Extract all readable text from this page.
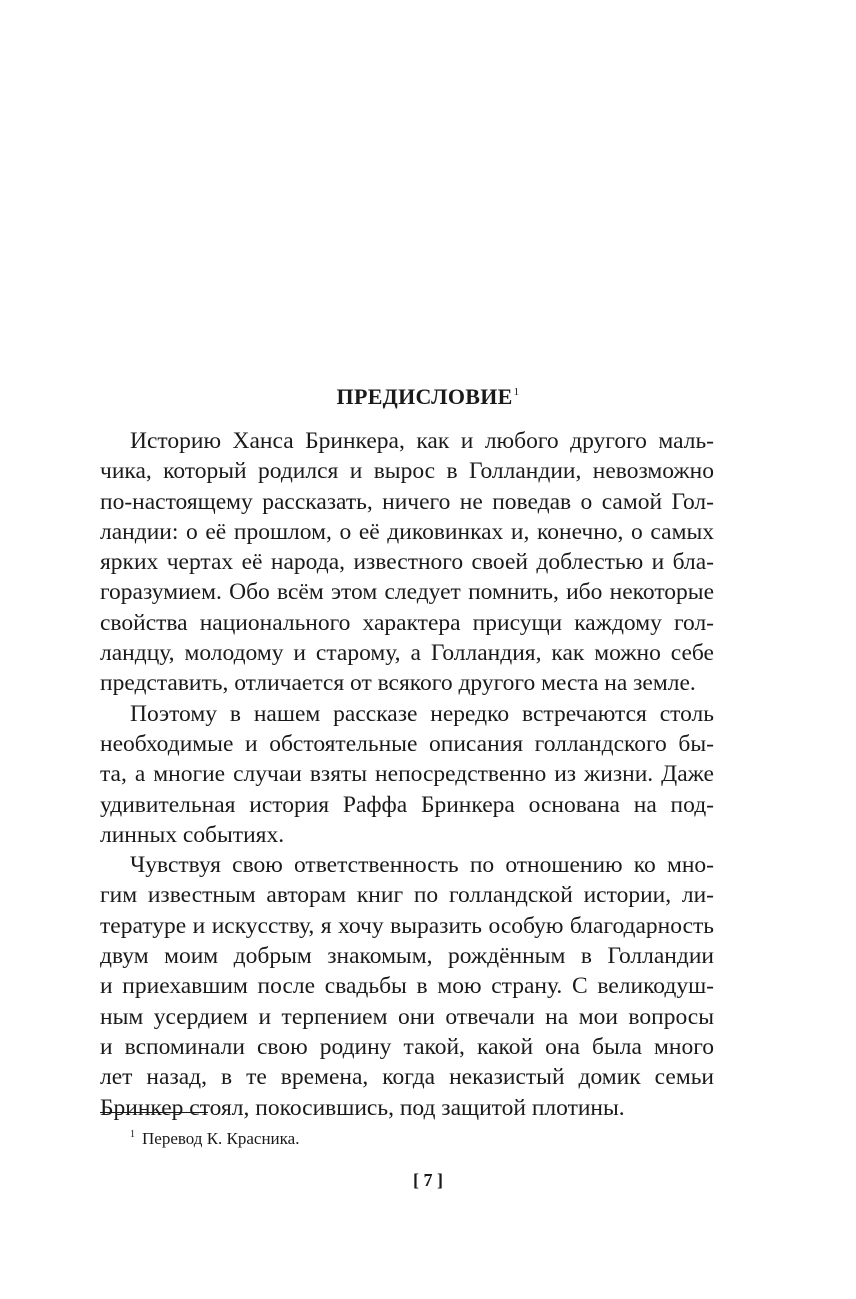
ПРЕДИСЛОВИЕ$^1$
Историю Ханса Бринкера, как и любого другого маль-
чика, который родился и вырос в Голландии, невозможно
по-настоящему рассказать, ничего не поведав о самой Гол-
ландии: о её прошлом, о её диковинках и, конечно, о самых
ярких чертах её народа, известного своей доблестью и бла-
горазумием. Обо всём этом следует помнить, ибо некоторые
свойства национального характера присущи каждому гол-
ландцу, молодому и старому, а Голландия, как можно себе
представить, отличается от всякого другого места на земле.
Поэтому в нашем рассказе нередко встречаются столь
необходимые и обстоятельные описания голландского бы-
та, а многие случаи взяты непосредственно из жизни. Даже
удивительная история Раффа Бринкера основана на под-
линных событиях.
Чувствуя свою ответственность по отношению ко мно-
гим известным авторам книг по голландской истории, ли-
тературе и искусству, я хочу выразить особую благодарность
двум моим добрым знакомым, рождённым в Голландии
и приехавшим после свадьбы в мою страну. С великодуш-
ным усердием и терпением они отвечали на мои вопросы
и вспоминали свою родину такой, какой она была много
лет назад, в те времена, когда неказистый домик семьи
Бринкер стоял, покосившись, под защитой плотины.
$^1$ Перевод К. Красника.
[ 7 ]
